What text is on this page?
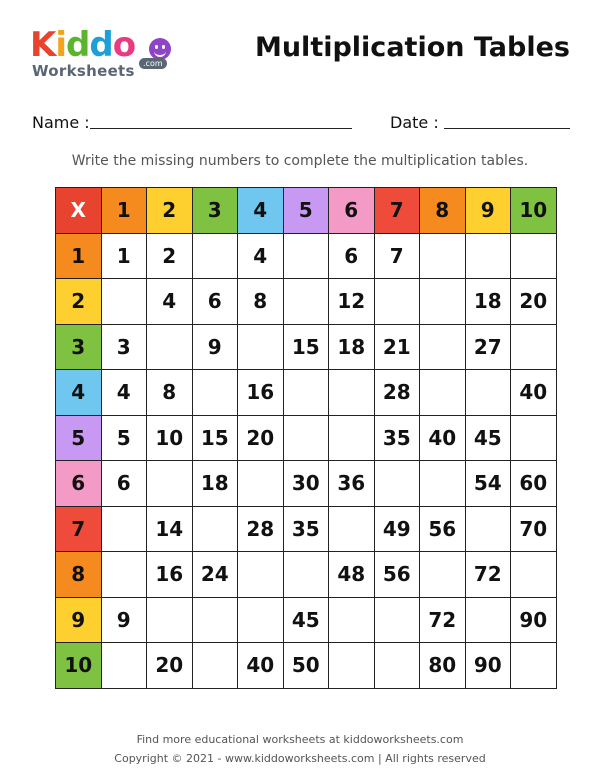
Kiddo
Worksheets	.com
Multiplication Tables
Name :	Date :
Write the missing numbers to complete the multiplication tables.
X	1	2	3	4	5	6	7	8	9	10
1	1	2		4		6	7			
2		4	6	8		12			18	20
3	3		9		15	18	21		27	
4	4	8		16			28			40
5	5	10	15	20			35	40	45	
6	6		18		30	36			54	60
7		14		28	35		49	56		70
8		16	24			48	56		72	
9	9				45			72		90
10		20		40	50			80	90	
Find more educational worksheets at kiddoworksheets.com
Copyright © 2021 - www.kiddoworksheets.com | All rights reserved
